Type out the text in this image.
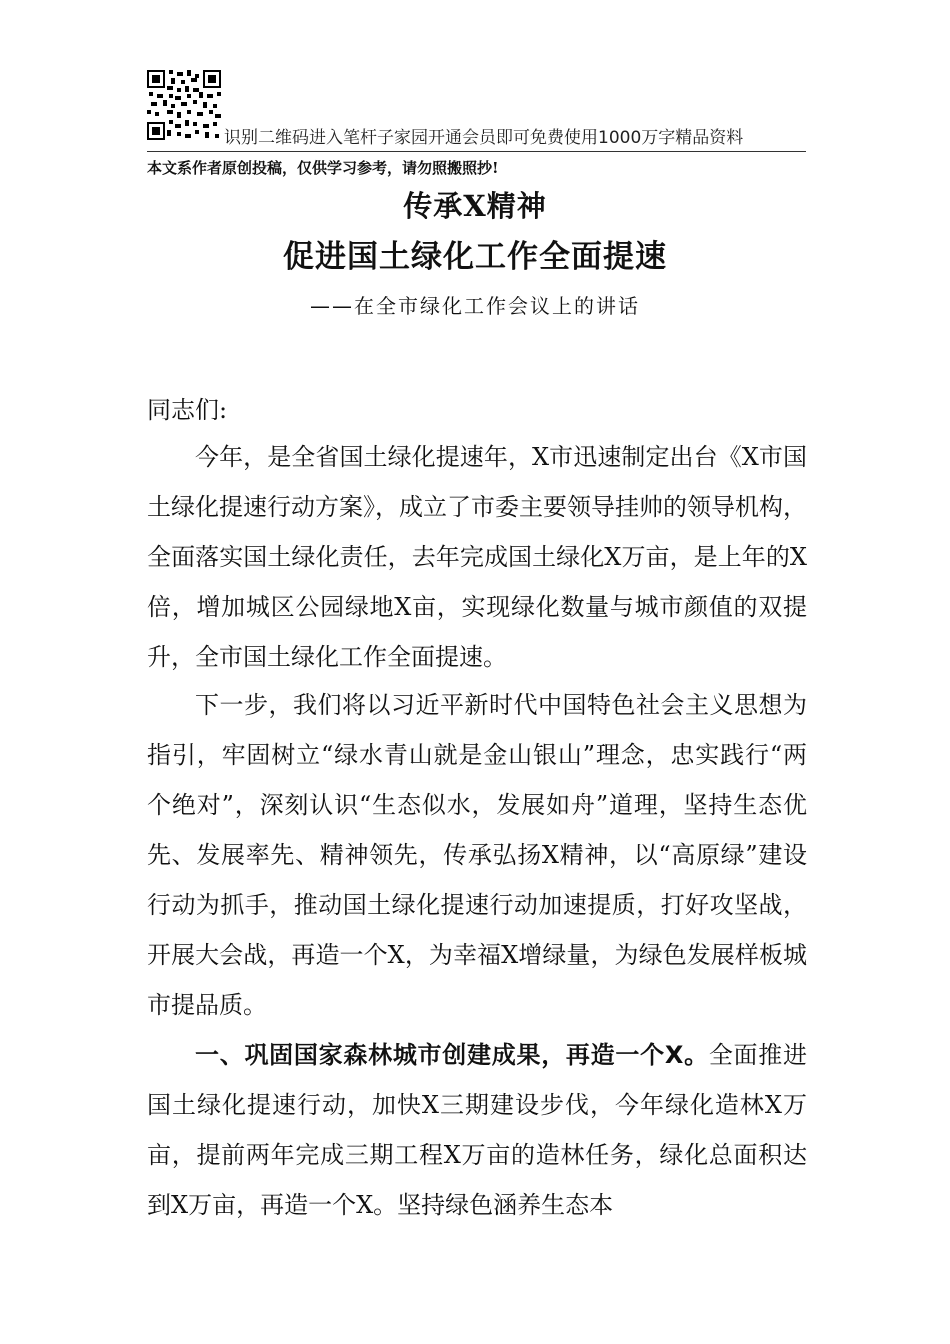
识别二维码进入笔杆子家园开通会员即可免费使用1000万字精品资料
本文系作者原创投稿，仅供学习参考，请勿照搬照抄!
传承X精神
促进国土绿化工作全面提速
——在全市绿化工作会议上的讲话
同志们:

今年，是全省国土绿化提速年，X市迅速制定出台《X市国土绿化提速行动方案》，成立了市委主要领导挂帅的领导机构，全面落实国土绿化责任，去年完成国土绿化X万亩，是上年的X倍，增加城区公园绿地X亩，实现绿化数量与城市颜值的双提升，全市国土绿化工作全面提速。

下一步，我们将以习近平新时代中国特色社会主义思想为指引，牢固树立“绿水青山就是金山银山”理念，忠实践行“两个绝对”，深刻认识“生态似水，发展如舟”道理，坚持生态优先、发展率先、精神领先，传承弘扬X精神，以“高原绿”建设行动为抓手，推动国土绿化提速行动加速提质，打好攻坚战，开展大会战，再造一个X，为幸福X增绿量，为绿色发展样板城市提品质。

一、巩固国家森林城市创建成果，再造一个X。全面推进国土绿化提速行动，加快X三期建设步伐，今年绿化造林X万亩，提前两年完成三期工程X万亩的造林任务，绿化总面积达到X万亩，再造一个X。坚持绿色涵养生态本
